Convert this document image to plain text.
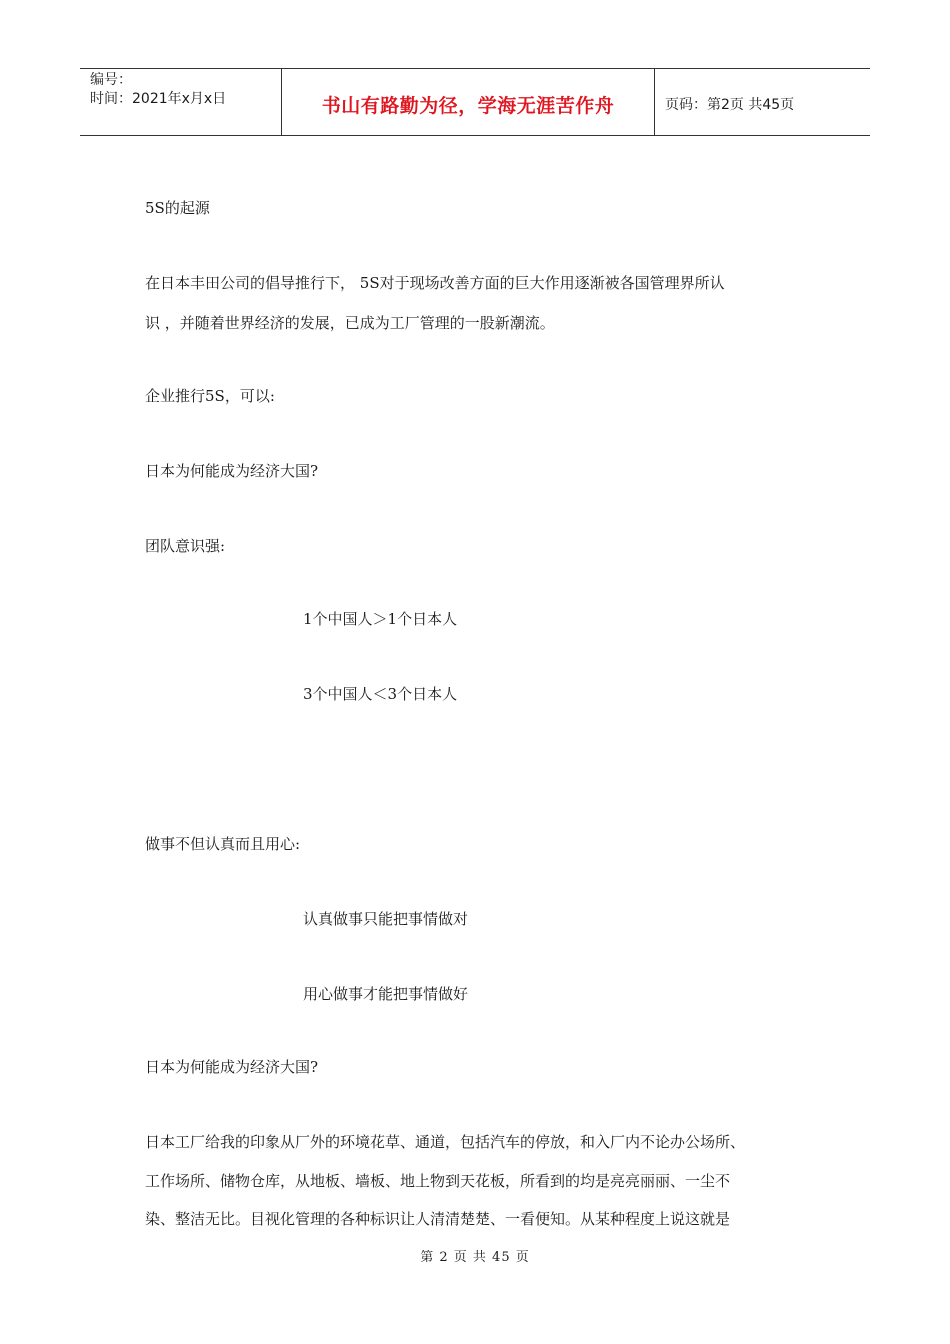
编号：
时间：2021年x月x日	书山有路勤为径，学海无涯苦作舟	页码：第2页 共45页
5S的起源
在日本丰田公司的倡导推行下， 5S对于现场改善方面的巨大作用逐渐被各国管理界所认
识 ，并随着世界经济的发展，已成为工厂管理的一股新潮流。
企业推行5S，可以:
日本为何能成为经济大国?
团队意识强:
1个中国人＞1个日本人
3个中国人＜3个日本人
做事不但认真而且用心:
认真做事只能把事情做对
用心做事才能把事情做好
日本为何能成为经济大国?
日本工厂给我的印象从厂外的环境花草、通道，包括汽车的停放，和入厂内不论办公场所、
工作场所、储物仓库，从地板、墙板、地上物到天花板，所看到的均是亮亮丽丽、一尘不
染、整洁无比。目视化管理的各种标识让人清清楚楚、一看便知。从某种程度上说这就是
第 2 页 共 45 页
